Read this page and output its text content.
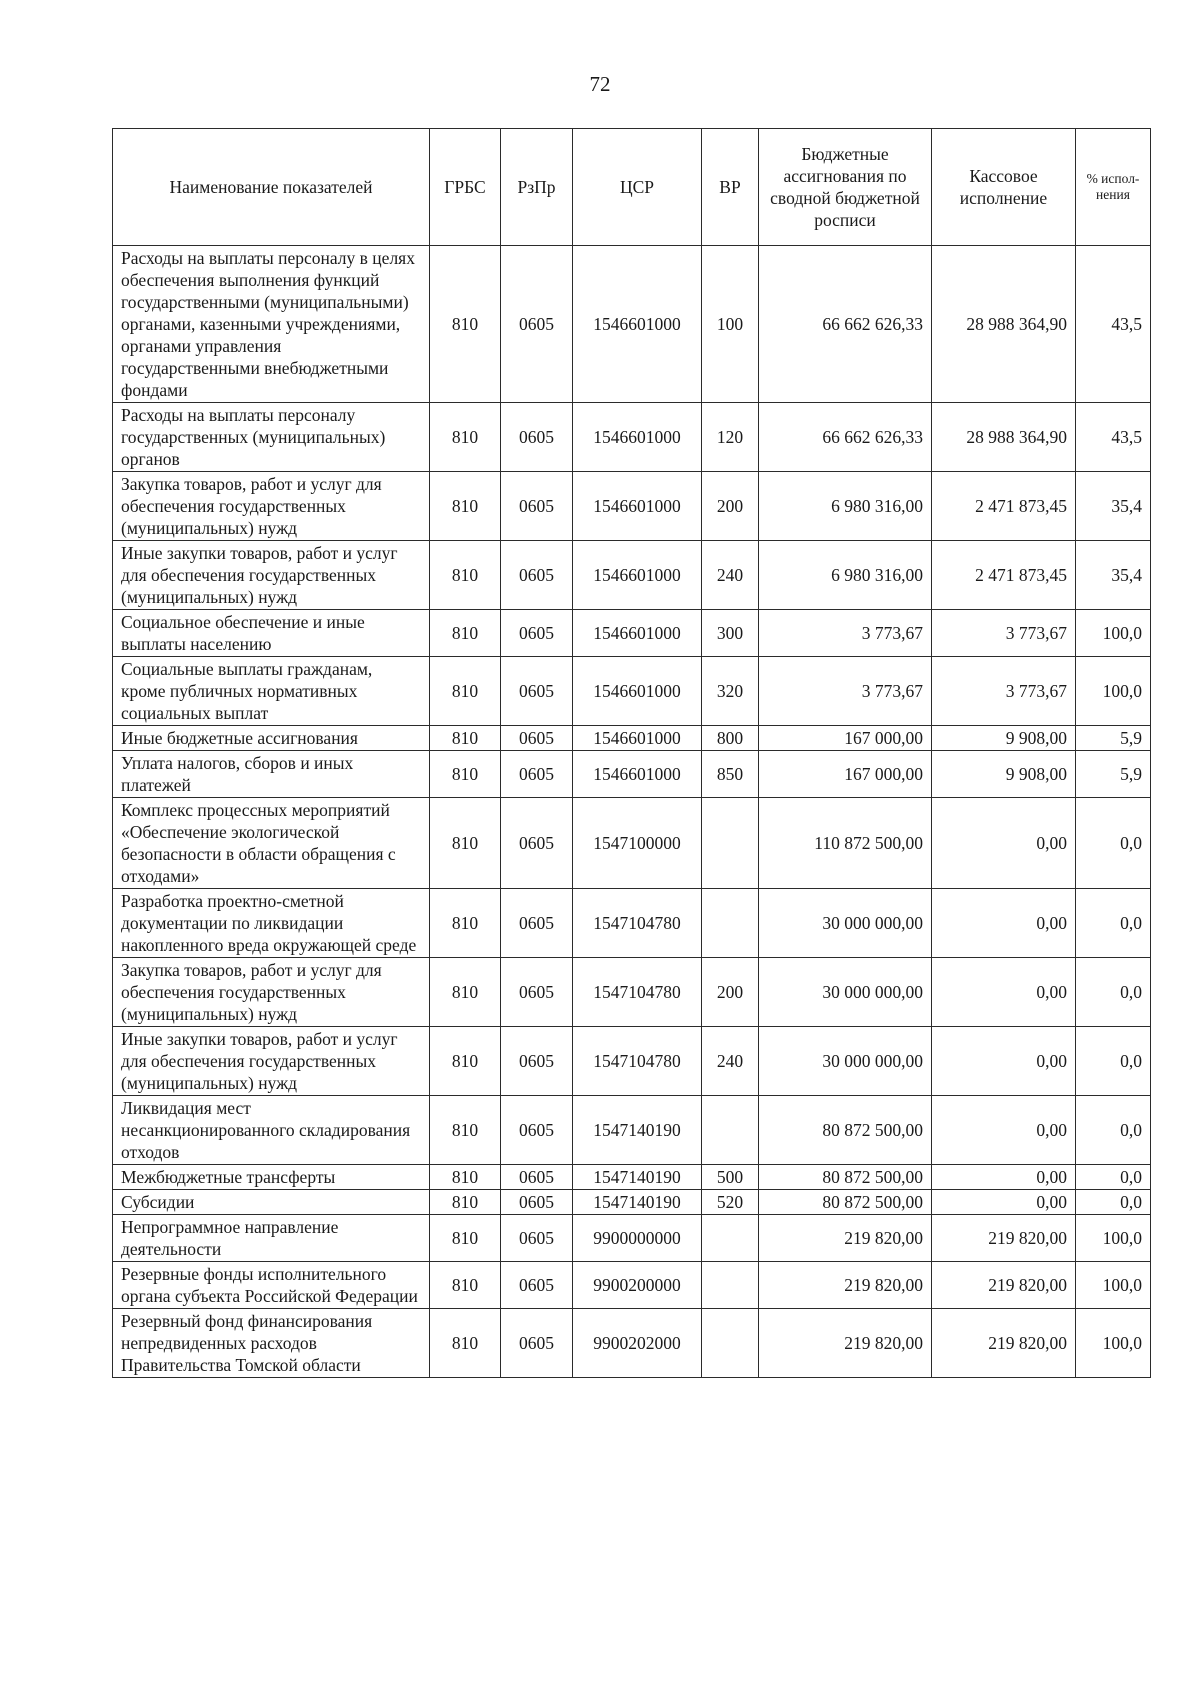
72
Наименование показателей	ГРБС	РзПр	ЦСР	ВР	Бюджетные ассигнования по сводной бюджетной росписи	Кассовое исполнение	% испол-нения
Расходы на выплаты персоналу в целях обеспечения выполнения функций государственными (муниципальными) органами, казенными учреждениями, органами управления государственными внебюджетными фондами	810	0605	1546601000	100	66 662 626,33	28 988 364,90	43,5
Расходы на выплаты персоналу государственных (муниципальных) органов	810	0605	1546601000	120	66 662 626,33	28 988 364,90	43,5
Закупка товаров, работ и услуг для обеспечения государственных (муниципальных) нужд	810	0605	1546601000	200	6 980 316,00	2 471 873,45	35,4
Иные закупки товаров, работ и услуг для обеспечения государственных (муниципальных) нужд	810	0605	1546601000	240	6 980 316,00	2 471 873,45	35,4
Социальное обеспечение и иные выплаты населению	810	0605	1546601000	300	3 773,67	3 773,67	100,0
Социальные выплаты гражданам, кроме публичных нормативных социальных выплат	810	0605	1546601000	320	3 773,67	3 773,67	100,0
Иные бюджетные ассигнования	810	0605	1546601000	800	167 000,00	9 908,00	5,9
Уплата налогов, сборов и иных платежей	810	0605	1546601000	850	167 000,00	9 908,00	5,9
Комплекс процессных мероприятий «Обеспечение экологической безопасности в области обращения с отходами»	810	0605	1547100000		110 872 500,00	0,00	0,0
Разработка проектно-сметной документации по ликвидации накопленного вреда окружающей среде	810	0605	1547104780		30 000 000,00	0,00	0,0
Закупка товаров, работ и услуг для обеспечения государственных (муниципальных) нужд	810	0605	1547104780	200	30 000 000,00	0,00	0,0
Иные закупки товаров, работ и услуг для обеспечения государственных (муниципальных) нужд	810	0605	1547104780	240	30 000 000,00	0,00	0,0
Ликвидация мест несанкционированного складирования отходов	810	0605	1547140190		80 872 500,00	0,00	0,0
Межбюджетные трансферты	810	0605	1547140190	500	80 872 500,00	0,00	0,0
Субсидии	810	0605	1547140190	520	80 872 500,00	0,00	0,0
Непрограммное направление деятельности	810	0605	9900000000		219 820,00	219 820,00	100,0
Резервные фонды исполнительного органа субъекта Российской Федерации	810	0605	9900200000		219 820,00	219 820,00	100,0
Резервный фонд финансирования непредвиденных расходов Правительства Томской области	810	0605	9900202000		219 820,00	219 820,00	100,0
